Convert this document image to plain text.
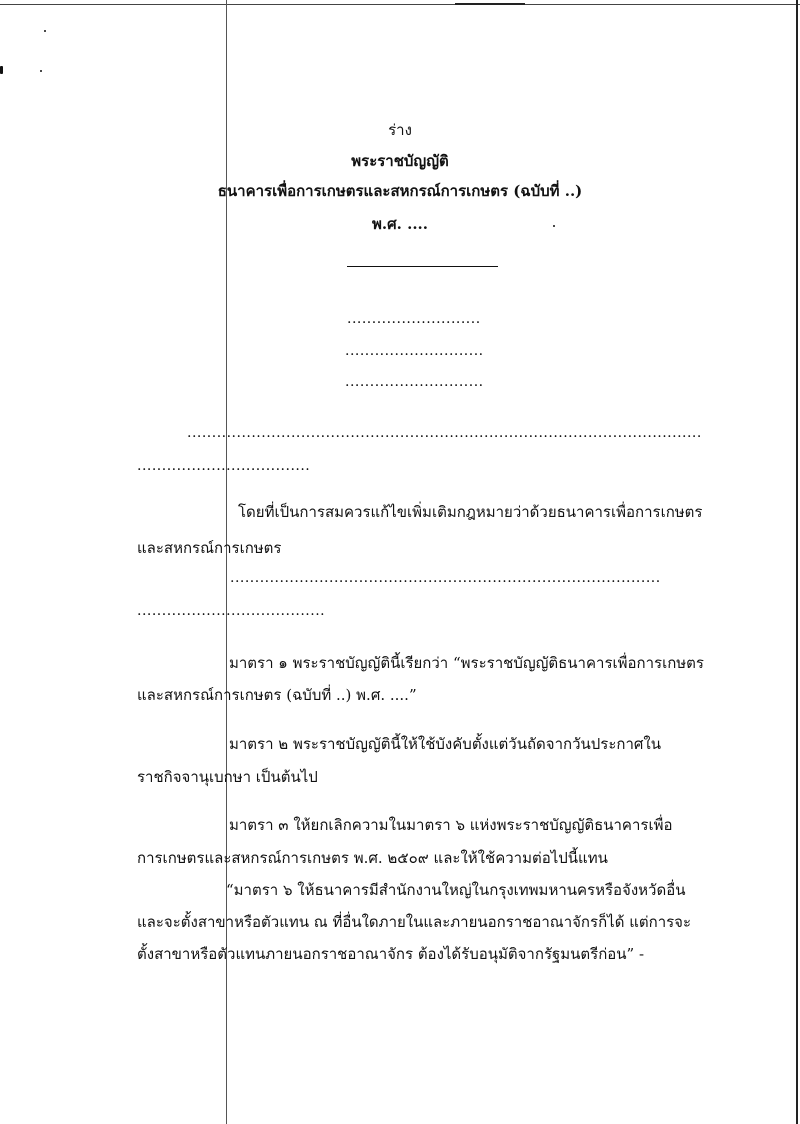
ร่าง
พระราชบัญญัติ
ธนาคารเพื่อการเกษตรและสหกรณ์การเกษตร (ฉบับที่ ..)
พ.ศ. ....
...........................
............................
............................
........................................................................................................
...................................
โดยที่เป็นการสมควรแก้ไขเพิ่มเติมกฎหมายว่าด้วยธนาคารเพื่อการเกษตร
และสหกรณ์การเกษตร
.......................................................................................
......................................
มาตรา ๑ พระราชบัญญัตินี้เรียกว่า “พระราชบัญญัติธนาคารเพื่อการเกษตร
และสหกรณ์การเกษตร (ฉบับที่ ..) พ.ศ. ....”
มาตรา ๒ พระราชบัญญัตินี้ให้ใช้บังคับตั้งแต่วันถัดจากวันประกาศใน
ราชกิจจานุเบกษา เป็นต้นไป
มาตรา ๓ ให้ยกเลิกความในมาตรา ๖ แห่งพระราชบัญญัติธนาคารเพื่อ
การเกษตรและสหกรณ์การเกษตร พ.ศ. ๒๕๐๙ และให้ใช้ความต่อไปนี้แทน
“มาตรา ๖ ให้ธนาคารมีสำนักงานใหญ่ในกรุงเทพมหานครหรือจังหวัดอื่น
และจะตั้งสาขาหรือตัวแทน ณ ที่อื่นใดภายในและภายนอกราชอาณาจักรก็ได้ แต่การจะ
ตั้งสาขาหรือตัวแทนภายนอกราชอาณาจักร ต้องได้รับอนุมัติจากรัฐมนตรีก่อน” -
